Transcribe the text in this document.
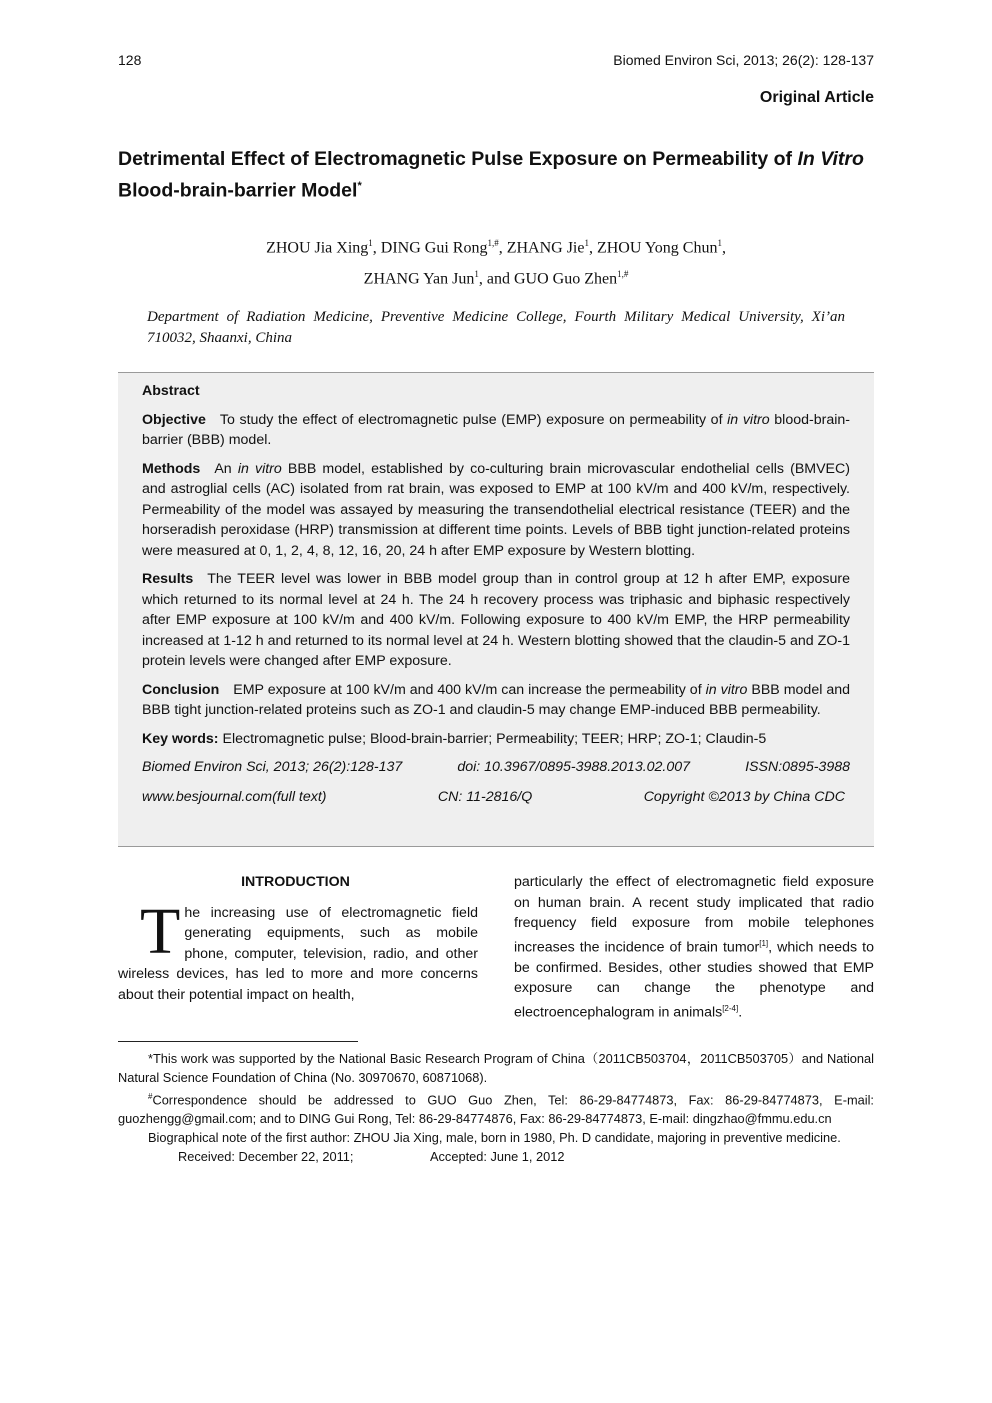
128	Biomed Environ Sci, 2013; 26(2): 128-137
Original Article
Detrimental Effect of Electromagnetic Pulse Exposure on Permeability of In Vitro Blood-brain-barrier Model*
ZHOU Jia Xing$^1$, DING Gui Rong$^{1,\#}$, ZHANG Jie$^1$, ZHOU Yong Chun$^1$,
ZHANG Yan Jun$^1$, and GUO Guo Zhen$^{1,\#}$
Department of Radiation Medicine, Preventive Medicine College, Fourth Military Medical University, Xi’an 710032, Shaanxi, China
Abstract

Objective To study the effect of electromagnetic pulse (EMP) exposure on permeability of in vitro blood-brain-barrier (BBB) model.

Methods An in vitro BBB model, established by co-culturing brain microvascular endothelial cells (BMVEC) and astroglial cells (AC) isolated from rat brain, was exposed to EMP at 100 kV/m and 400 kV/m, respectively. Permeability of the model was assayed by measuring the transendothelial electrical resistance (TEER) and the horseradish peroxidase (HRP) transmission at different time points. Levels of BBB tight junction-related proteins were measured at 0, 1, 2, 4, 8, 12, 16, 20, 24 h after EMP exposure by Western blotting.

Results The TEER level was lower in BBB model group than in control group at 12 h after EMP, exposure which returned to its normal level at 24 h. The 24 h recovery process was triphasic and biphasic respectively after EMP exposure at 100 kV/m and 400 kV/m. Following exposure to 400 kV/m EMP, the HRP permeability increased at 1-12 h and returned to its normal level at 24 h. Western blotting showed that the claudin-5 and ZO-1 protein levels were changed after EMP exposure.

Conclusion EMP exposure at 100 kV/m and 400 kV/m can increase the permeability of in vitro BBB model and BBB tight junction-related proteins such as ZO-1 and claudin-5 may change EMP-induced BBB permeability.

Key words: Electromagnetic pulse; Blood-brain-barrier; Permeability; TEER; HRP; ZO-1; Claudin-5

Biomed Environ Sci, 2013; 26(2):128-137	doi: 10.3967/0895-3988.2013.02.007	ISSN:0895-3988
www.besjournal.com(full text)	CN: 11-2816/Q	Copyright ©2013 by China CDC
INTRODUCTION
The increasing use of electromagnetic field generating equipments, such as mobile phone, computer, television, radio, and other wireless devices, has led to more and more concerns about their potential impact on health,
particularly the effect of electromagnetic field exposure on human brain. A recent study implicated that radio frequency field exposure from mobile telephones increases the incidence of brain tumor[1], which needs to be confirmed. Besides, other studies showed that EMP exposure can change the phenotype and electroencephalogram in animals[2-4].

*This work was supported by the National Basic Research Program of China（2011CB503704，2011CB503705）and National Natural Science Foundation of China (No. 30970670, 60871068).

#Correspondence should be addressed to GUO Guo Zhen, Tel: 86-29-84774873, Fax: 86-29-84774873, E-mail: guozhengg@gmail.com; and to DING Gui Rong, Tel: 86-29-84774876, Fax: 86-29-84774873, E-mail: dingzhao@fmmu.edu.cn

Biographical note of the first author: ZHOU Jia Xing, male, born in 1980, Ph. D candidate, majoring in preventive medicine.

Received: December 22, 2011;	Accepted: June 1, 2012
